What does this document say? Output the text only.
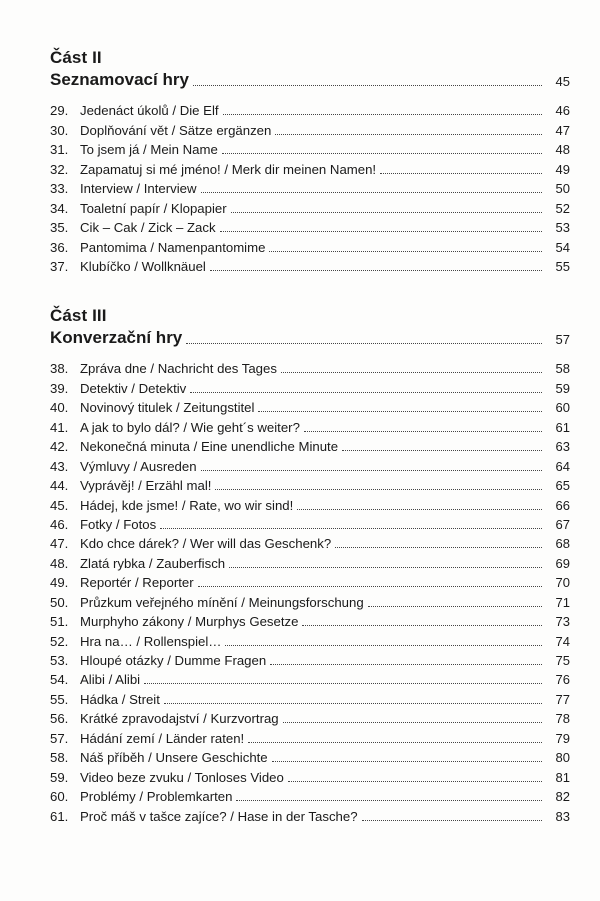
Část II
Seznamovací hry	45
29. Jedenáct úkolů / Die Elf	46
30. Doplňování vět / Sätze ergänzen	47
31. To jsem já / Mein Name	48
32. Zapamatuj si mé jméno! / Merk dir meinen Namen!	49
33. Interview / Interview	50
34. Toaletní papír / Klopapier	52
35. Cik – Cak / Zick – Zack	53
36. Pantomima / Namenpantomime	54
37. Klubíčko / Wollknäuel	55
Část III
Konverzační hry	57
38. Zpráva dne / Nachricht des Tages	58
39. Detektiv / Detektiv	59
40. Novinový titulek / Zeitungstitel	60
41. A jak to bylo dál? / Wie geht´s weiter?	61
42. Nekonečná minuta / Eine unendliche Minute	63
43. Výmluvy / Ausreden	64
44. Vyprávěj! / Erzähl mal!	65
45. Hádej, kde jsme! / Rate, wo wir sind!	66
46. Fotky / Fotos	67
47. Kdo chce dárek? / Wer will das Geschenk?	68
48. Zlatá rybka / Zauberfisch	69
49. Reportér / Reporter	70
50. Průzkum veřejného mínění / Meinungsforschung	71
51. Murphyho zákony / Murphys Gesetze	73
52. Hra na… / Rollenspiel…	74
53. Hloupé otázky / Dumme Fragen	75
54. Alibi / Alibi	76
55. Hádka / Streit	77
56. Krátké zpravodajství / Kurzvortrag	78
57. Hádání zemí / Länder raten!	79
58. Náš příběh / Unsere Geschichte	80
59. Video beze zvuku / Tonloses Video	81
60. Problémy / Problemkarten	82
61. Proč máš v tašce zajíce? / Hase in der Tasche?	83
